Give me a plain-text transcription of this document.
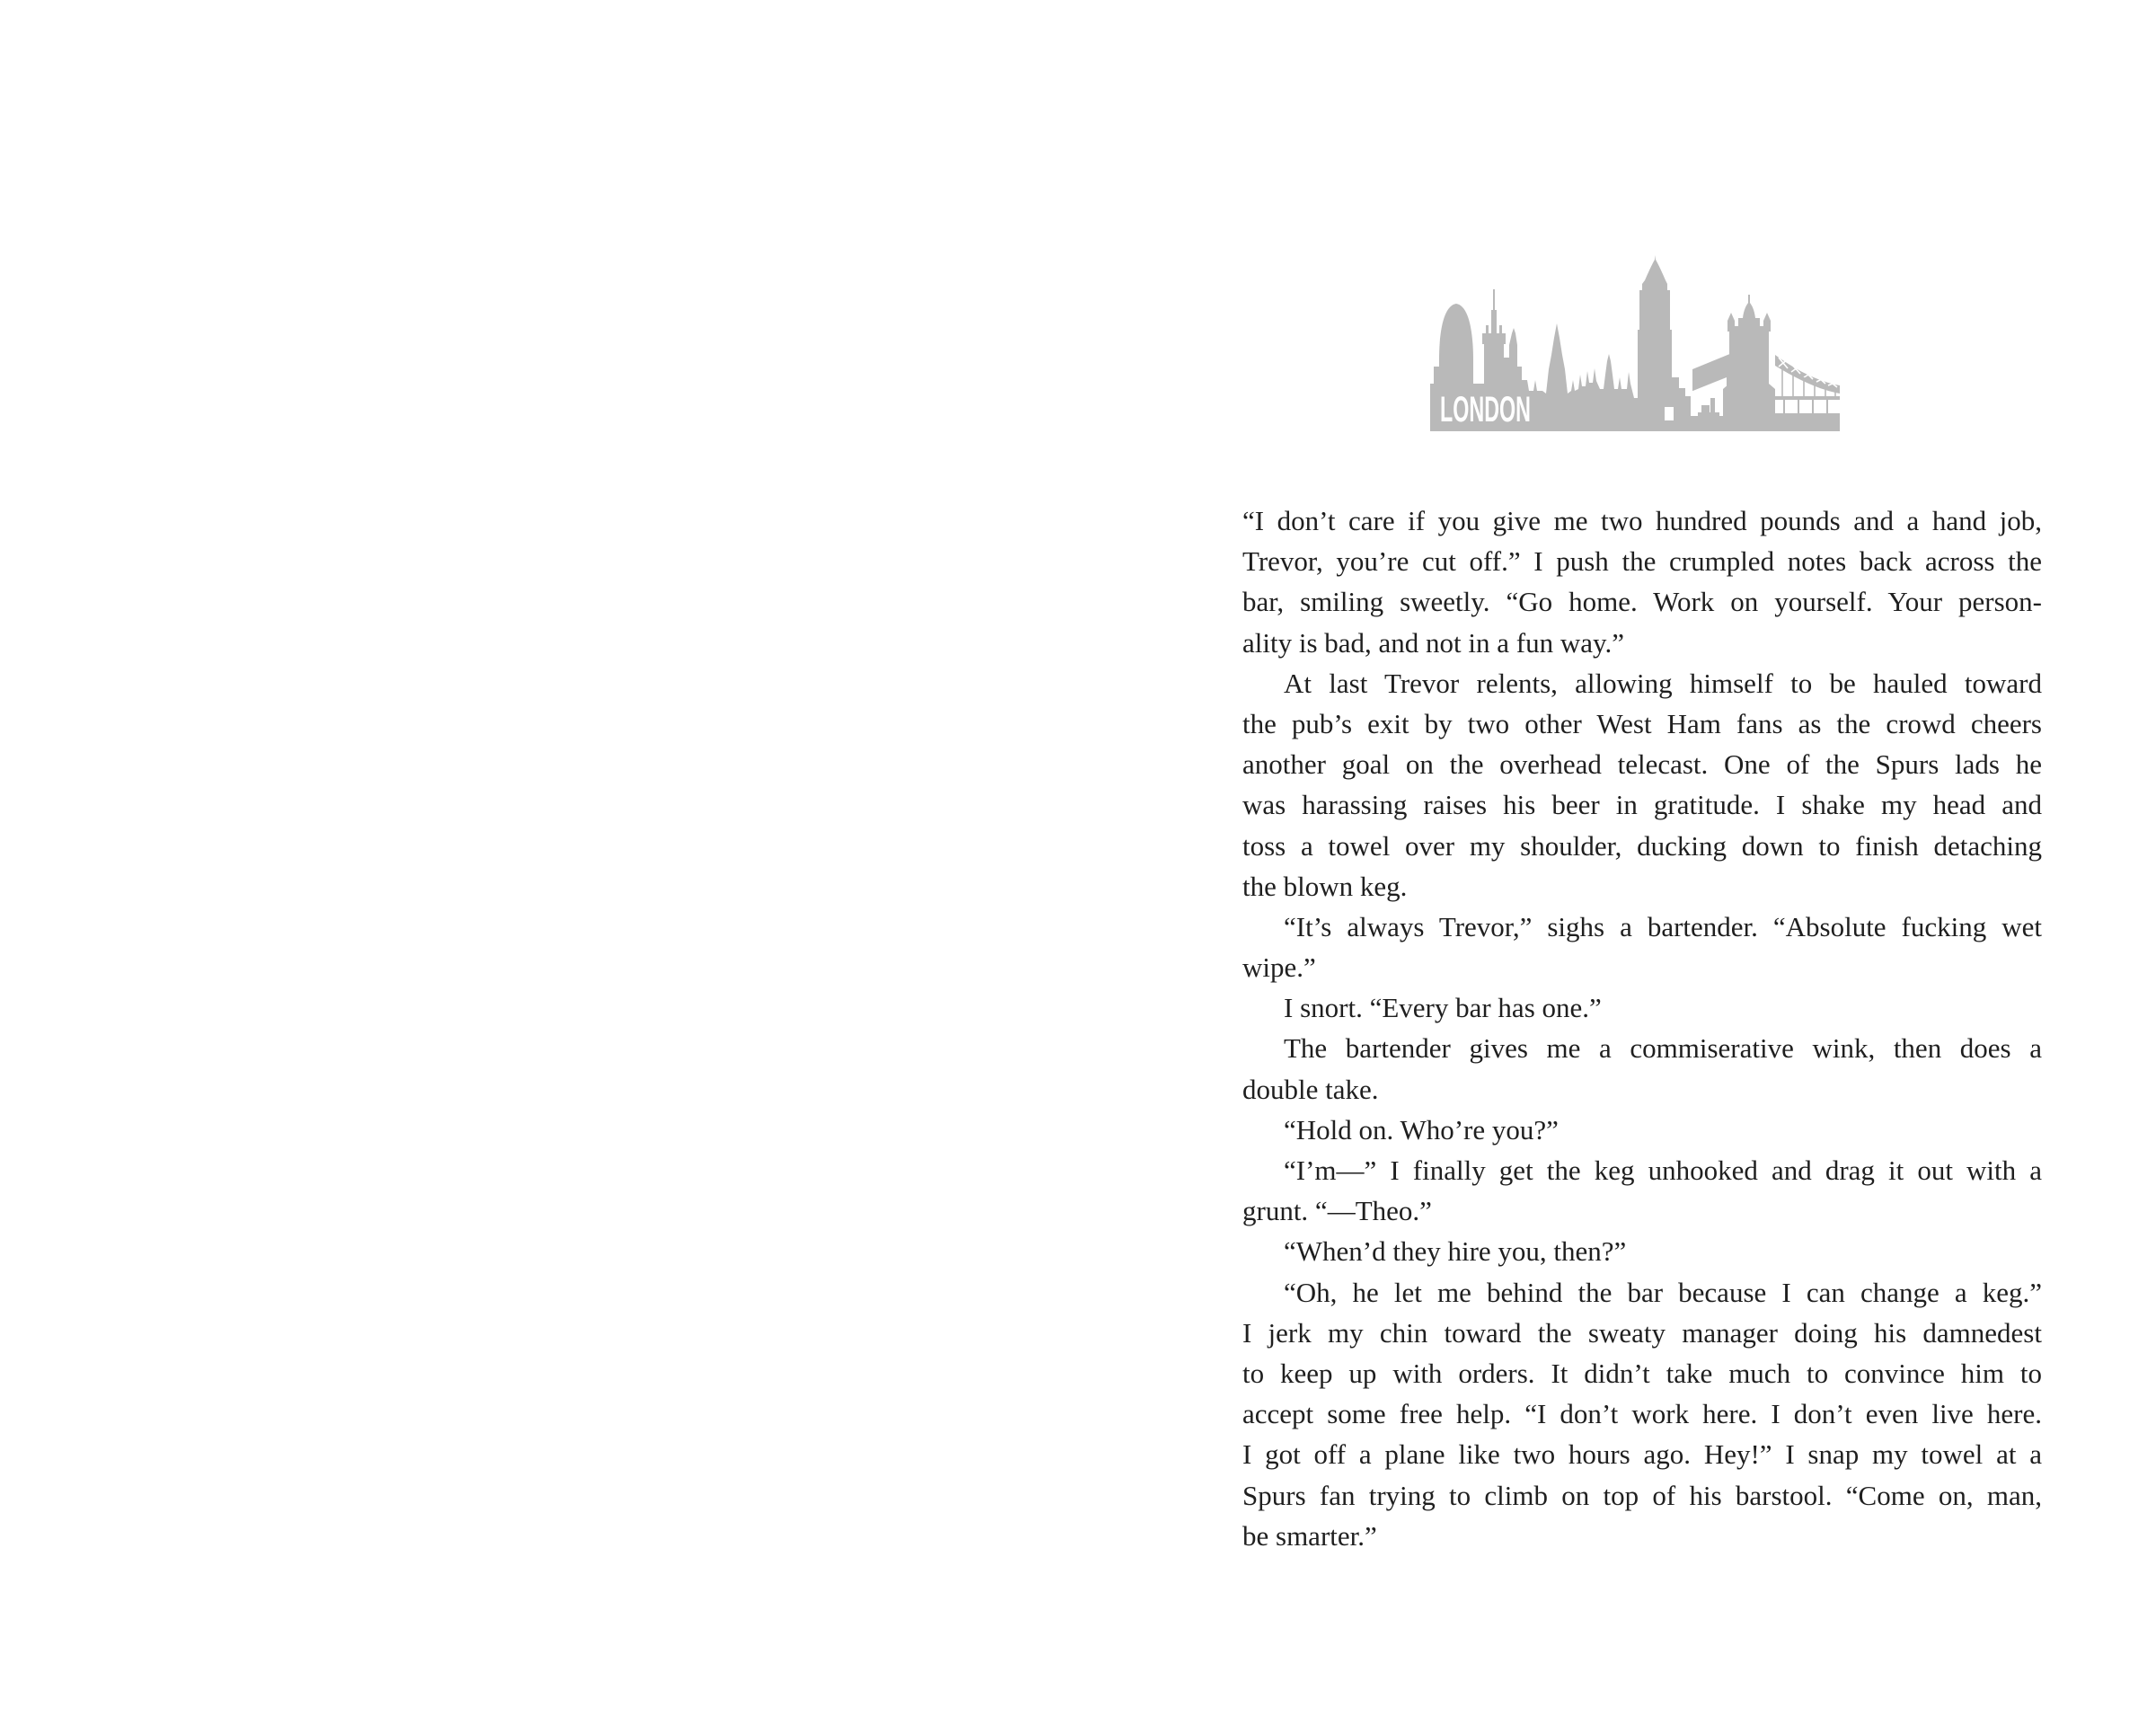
LONDON
“I don’t care if you give me two hundred pounds and a hand job,
Trevor, you’re cut off.” I push the crumpled notes back across the
bar, smiling sweetly. “Go home. Work on yourself. Your person-
ality is bad, and not in a fun way.”
At last Trevor relents, allowing himself to be hauled toward
the pub’s exit by two other West Ham fans as the crowd cheers
another goal on the overhead telecast. One of the Spurs lads he
was harassing raises his beer in gratitude. I shake my head and
toss a towel over my shoulder, ducking down to finish detaching
the blown keg.
“It’s always Trevor,” sighs a bartender. “Absolute fucking wet
wipe.”
I snort. “Every bar has one.”
The bartender gives me a commiserative wink, then does a
double take.
“Hold on. Who’re you?”
“I’m—” I finally get the keg unhooked and drag it out with a
grunt. “—Theo.”
“When’d they hire you, then?”
“Oh, he let me behind the bar because I can change a keg.”
I jerk my chin toward the sweaty manager doing his damnedest
to keep up with orders. It didn’t take much to convince him to
accept some free help. “I don’t work here. I don’t even live here.
I got off a plane like two hours ago. Hey!” I snap my towel at a
Spurs fan trying to climb on top of his barstool. “Come on, man,
be smarter.”
